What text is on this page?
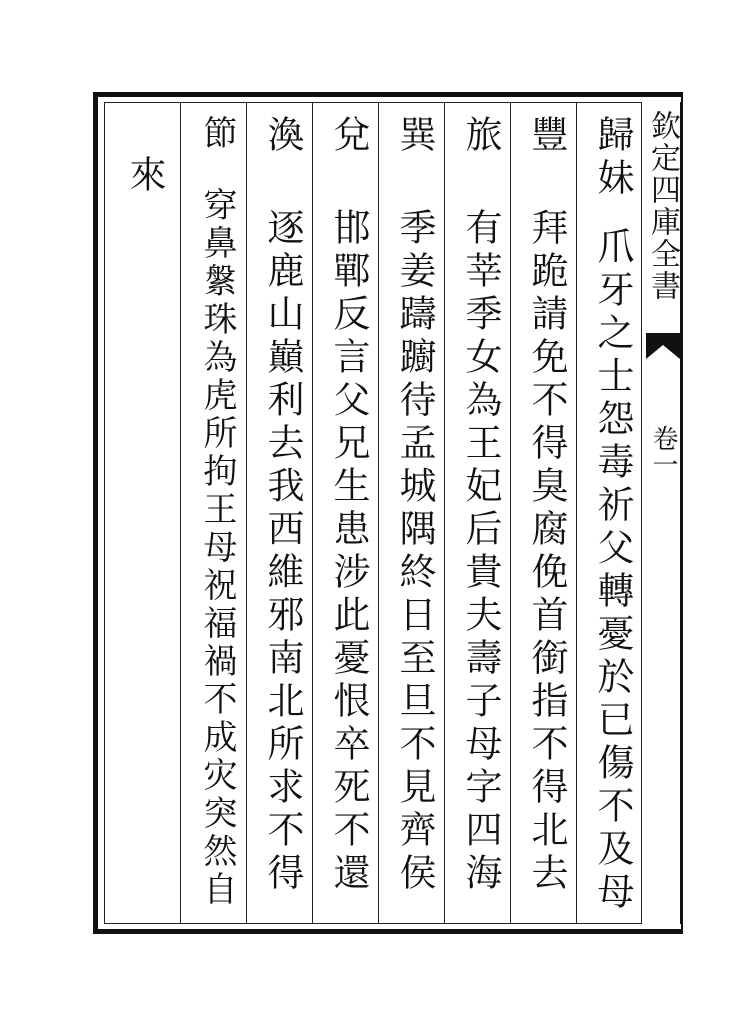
欽定四庫全書
卷一
歸妹爪牙之士怨毒祈父轉憂於已傷不及母
豐拜跪請免不得臭腐俛首銜指不得北去
旅有莘季女為王妃后貴夫壽子母字四海
巽季姜躊躕待孟城隅終日至旦不見齊侯
兌邯鄲反言父兄生患涉此憂恨卒死不還
渙逐鹿山巔利去我西維邪南北所求不得
節穿鼻縏珠為虎所拘王母祝福禍不成灾突然自
來
